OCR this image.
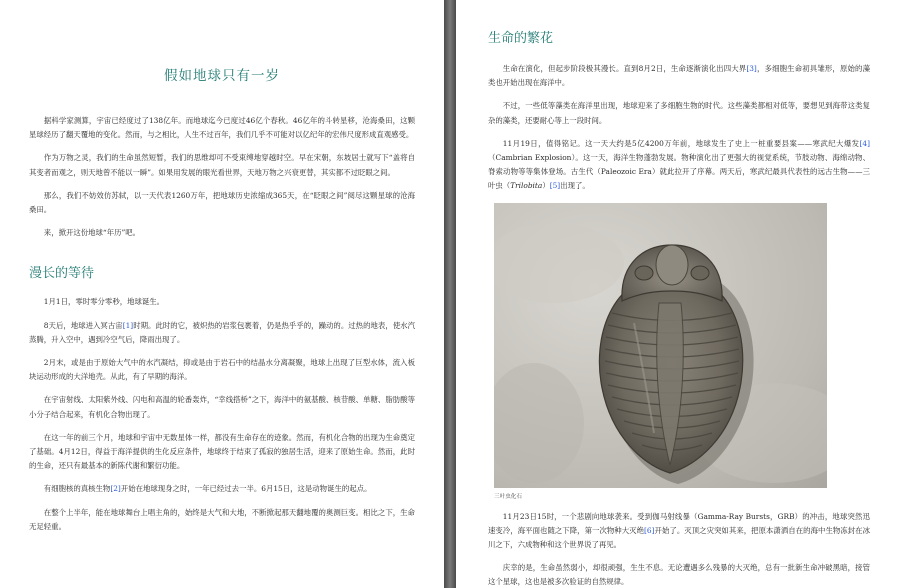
假如地球只有一岁

据科学家测算，宇宙已经度过了138亿年。而地球迄今已度过46亿个春秋。46亿年的斗转星移，沧海桑田，这颗星球经历了翻天覆地的变化。然而，与之相比，人生不过百年，我们几乎不可能对以亿纪年的宏伟尺度形成直观感受。

作为万物之灵，我们的生命虽然短暂，我们的思维却可不受束缚地穿越时空。早在宋朝，东坡居士就写下“盖将自其变者而观之，则天地曾不能以一瞬”。如果用发展的眼光看世界，天地万物之兴衰更替，其实都不过眨眼之间。

那么，我们不妨效仿苏轼，以一天代表1260万年，把地球历史浓缩成365天，在“眨眼之间”阅尽这颗星球的沧海桑田。

来，掀开这份地球“年历”吧。

漫长的等待

1月1日，零时零分零秒，地球诞生。

8天后，地球进入冥古宙[1]时期。此时的它，被炽热的岩浆包裹着，仍是热乎乎的，躁动的。过热的地表，使水汽蒸腾，升入空中，遇到冷空气后，降雨出现了。

2月末，或是由于原始大气中的水汽凝结，抑或是由于岩石中的结晶水分离凝聚，地球上出现了巨型水体，流入板块运动形成的大洋地壳。从此，有了早期的海洋。

在宇宙射线、太阳紫外线、闪电和高温的轮番轰炸，“幸线搭桥”之下，海洋中的氨基酸、核苷酸、单糖、脂肪酸等小分子结合起来，有机化合物出现了。

在这一年的前三个月，地球和宇宙中无数星体一样，都没有生命存在的迹象。然而，有机化合物的出现为生命奠定了基础。4月12日，得益于海洋提供的生化反应条件，地球终于结束了孤寂的独居生活，迎来了原始生命。然而，此时的生命，还只有最基本的新陈代谢和繁衍功能。

有细胞核的真核生物[2]开始在地球现身之时，一年已经过去一半。6月15日，这是动物诞生的起点。

在整个上半年，能在地球舞台上唱主角的，始终是大气和大地，不断掀起那天翻地覆的奥测巨变。相比之下，生命无足轻重。

生命的繁花

生命在演化，但起步阶段极其漫长。直到8月2日，生命逐渐演化出四大界[3]，多细胞生命初具雏形，原始的藻类也开始出现在海洋中。

不过，一些低等藻类在海洋里出现，地球迎来了多细胞生物的时代。这些藻类都相对低等，要想见到海带这类复杂的藻类，还要耐心等上一段时间。

11月19日，值得铭记。这一天大约是5亿4200万年前，地球发生了史上一桩重要县案——寒武纪大爆发[4]（Cambrian Explosion）。这一天，海洋生物蓬勃发展。物种演化出了更强大的视觉系统，节肢动物、海绵动物、脊索动物等等集体登场。古生代（Paleozoic Era）就此拉开了序幕。两天后，寒武纪最具代表性的远古生物——三叶虫（Trilobita）[5]出现了。

三叶虫化石

11月23日15时，一个悲剧向地球袭来。受到伽马射线暴（Gamma-Ray Bursts，GRB）的冲击，地球突然迅速变冷，海平面也随之下降，第一次物种大灭绝[6]开始了。灭顶之灾突如其来，把原本潇洒自在的海中生物冻封在冰川之下，六成物种和这个世界说了再见。

庆幸的是，生命虽然弱小，却很顽强，生生不息。无论遭遇多么残暴的大灭绝，总有一批新生命冲破黑暗，接管这个星球，这也是被多次验证的自然规律。
